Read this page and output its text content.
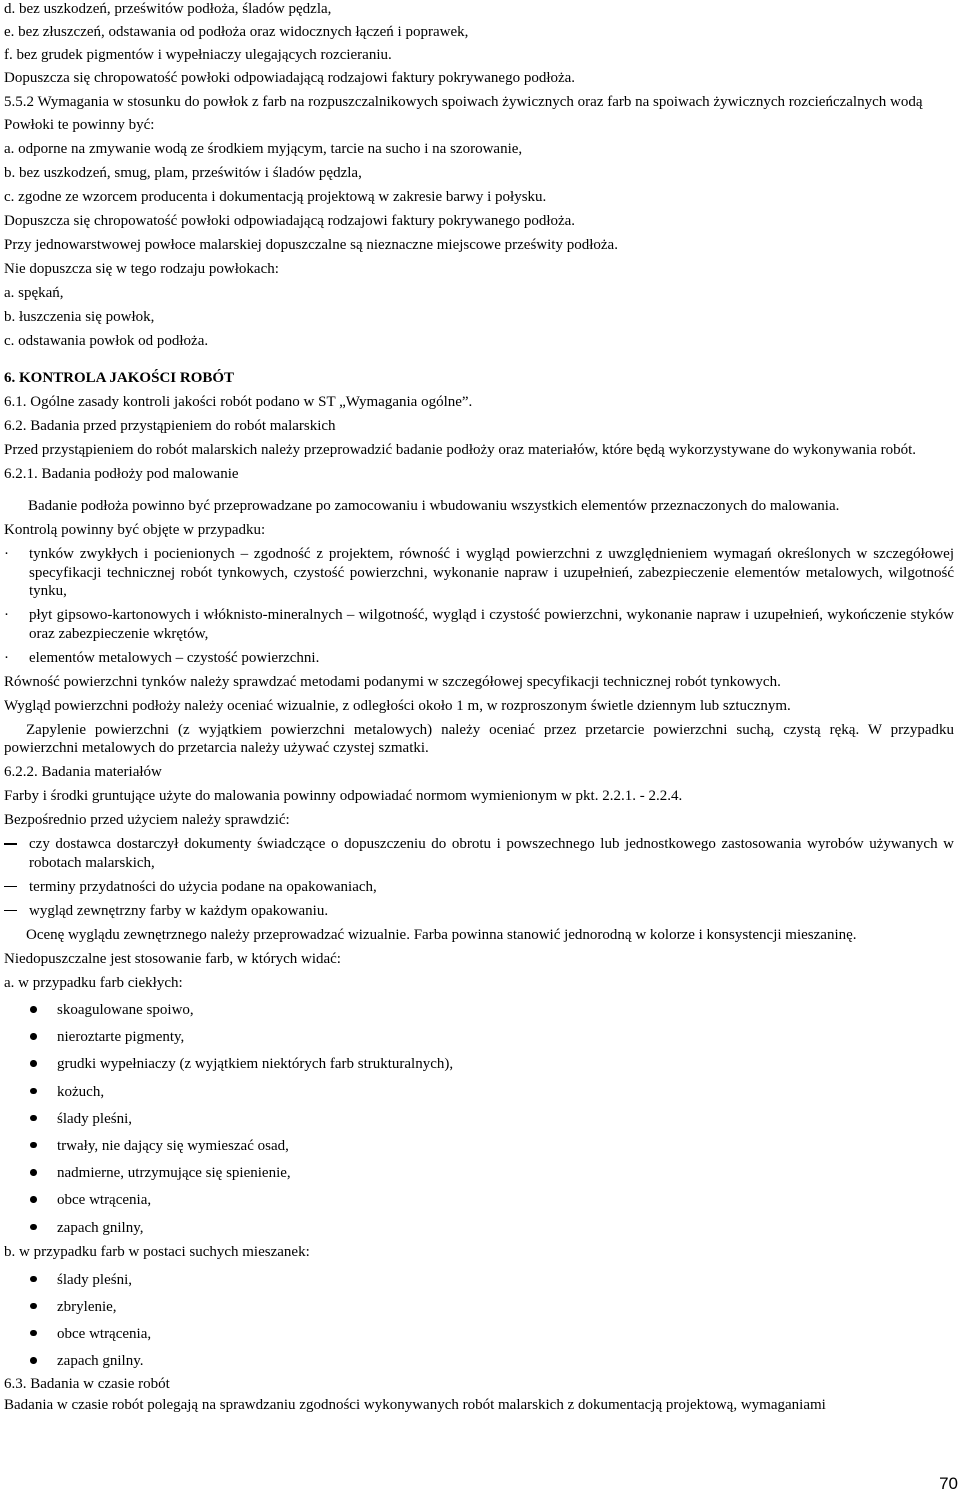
d. bez uszkodzeń, prześwitów podłoża, śladów pędzla,

e. bez złuszczeń, odstawania od podłoża oraz widocznych łączeń i poprawek,

f. bez grudek pigmentów i wypełniaczy ulegających rozcieraniu.

Dopuszcza się chropowatość powłoki odpowiadającą rodzajowi faktury pokrywanego podłoża.

5.5.2 Wymagania w stosunku do powłok z farb na rozpuszczalnikowych spoiwach żywicznych oraz farb na spoiwach żywicznych rozcieńczalnych wodą

Powłoki te powinny być:

a. odporne na zmywanie wodą ze środkiem myjącym, tarcie na sucho i na szorowanie,

b. bez uszkodzeń, smug, plam, prześwitów i śladów pędzla,

c. zgodne ze wzorcem producenta i dokumentacją projektową w zakresie barwy i połysku.

Dopuszcza się chropowatość powłoki odpowiadającą rodzajowi faktury pokrywanego podłoża.

Przy jednowarstwowej powłoce malarskiej dopuszczalne są nieznaczne miejscowe prześwity podłoża.

Nie dopuszcza się w tego rodzaju powłokach:

a. spękań,

b. łuszczenia się powłok,

c. odstawania powłok od podłoża.

6. KONTROLA JAKOŚCI ROBÓT

6.1. Ogólne zasady kontroli jakości robót podano w ST „Wymagania ogólne”.

6.2. Badania przed przystąpieniem do robót malarskich

Przed przystąpieniem do robót malarskich należy przeprowadzić badanie podłoży oraz materiałów, które będą wykorzystywane do wykonywania robót.

6.2.1. Badania podłoży pod malowanie

Badanie podłoża powinno być przeprowadzane po zamocowaniu i wbudowaniu wszystkich elementów przeznaczonych do malowania.

Kontrolą powinny być objęte w przypadku:

·	tynków zwykłych i pocienionych – zgodność z projektem, równość i wygląd powierzchni z uwzględnieniem wymagań określonych w szczegółowej specyfikacji technicznej robót tynkowych, czystość powierzchni, wykonanie napraw i uzupełnień, zabezpieczenie elementów metalowych, wilgotność tynku,
·	płyt gipsowo-kartonowych i włóknisto-mineralnych – wilgotność, wygląd i czystość powierzchni, wykonanie napraw i uzupełnień, wykończenie styków oraz zabezpieczenie wkrętów,
·	elementów metalowych – czystość powierzchni.

Równość powierzchni tynków należy sprawdzać metodami podanymi w szczegółowej specyfikacji technicznej robót tynkowych.

Wygląd powierzchni podłoży należy oceniać wizualnie, z odległości około 1 m, w rozproszonym świetle dziennym lub sztucznym.

Zapylenie powierzchni (z wyjątkiem powierzchni metalowych) należy oceniać przez przetarcie powierzchni suchą, czystą ręką. W przypadku powierzchni metalowych do przetarcia należy używać czystej szmatki.

6.2.2. Badania materiałów

Farby i środki gruntujące użyte do malowania powinny odpowiadać normom wymienionym w pkt. 2.2.1. - 2.2.4.

Bezpośrednio przed użyciem należy sprawdzić:

czy dostawca dostarczył dokumenty świadczące o dopuszczeniu do obrotu i powszechnego lub jednostkowego zastosowania wyrobów używanych w robotach malarskich,
terminy przydatności do użycia podane na opakowaniach,
wygląd zewnętrzny farby w każdym opakowaniu.

Ocenę wyglądu zewnętrznego należy przeprowadzać wizualnie. Farba powinna stanowić jednorodną w kolorze i konsystencji mieszaninę.

Niedopuszczalne jest stosowanie farb, w których widać:

a. w przypadku farb ciekłych:

skoagulowane spoiwo,
nieroztarte pigmenty,
grudki wypełniaczy (z wyjątkiem niektórych farb strukturalnych),
kożuch,
ślady pleśni,
trwały, nie dający się wymieszać osad,
nadmierne, utrzymujące się spienienie,
obce wtrącenia,
zapach gnilny,

b. w przypadku farb w postaci suchych mieszanek:

ślady pleśni,
zbrylenie,
obce wtrącenia,
zapach gnilny.

6.3. Badania w czasie robót

Badania w czasie robót polegają na sprawdzaniu zgodności wykonywanych robót malarskich z dokumentacją projektową, wymaganiami

70
